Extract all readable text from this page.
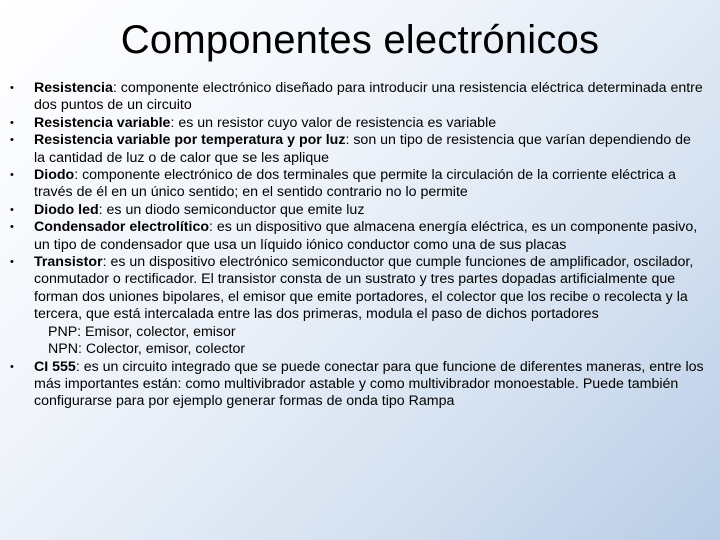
Componentes electrónicos
• Resistencia: componente electrónico diseñado para introducir una resistencia eléctrica determinada entre dos puntos de un circuito
• Resistencia variable: es un resistor cuyo valor de resistencia es variable
• Resistencia variable por temperatura y por luz: son un tipo de resistencia que varían dependiendo de la cantidad de luz o de calor que se les aplique
• Diodo: componente electrónico de dos terminales que permite la circulación de la corriente eléctrica a través de él en un único sentido; en el sentido contrario no lo permite
• Diodo led: es un diodo semiconductor que emite luz
• Condensador electrolítico: es un dispositivo que almacena energía eléctrica, es un componente pasivo, un tipo de condensador que usa un líquido iónico conductor como una de sus placas
• Transistor: es un dispositivo electrónico semiconductor que cumple funciones de amplificador, oscilador, conmutador o rectificador. El transistor consta de un sustrato y tres partes dopadas artificialmente que forman dos uniones bipolares, el emisor que emite portadores, el colector que los recibe o recolecta y la tercera, que está intercalada entre las dos primeras, modula el paso de dichos portadores
PNP: Emisor, colector, emisor
NPN: Colector, emisor, colector
• CI 555: es un circuito integrado que se puede conectar para que funcione de diferentes maneras, entre los más importantes están: como multivibrador astable y como multivibrador monoestable. Puede también configurarse para por ejemplo generar formas de onda tipo Rampa
